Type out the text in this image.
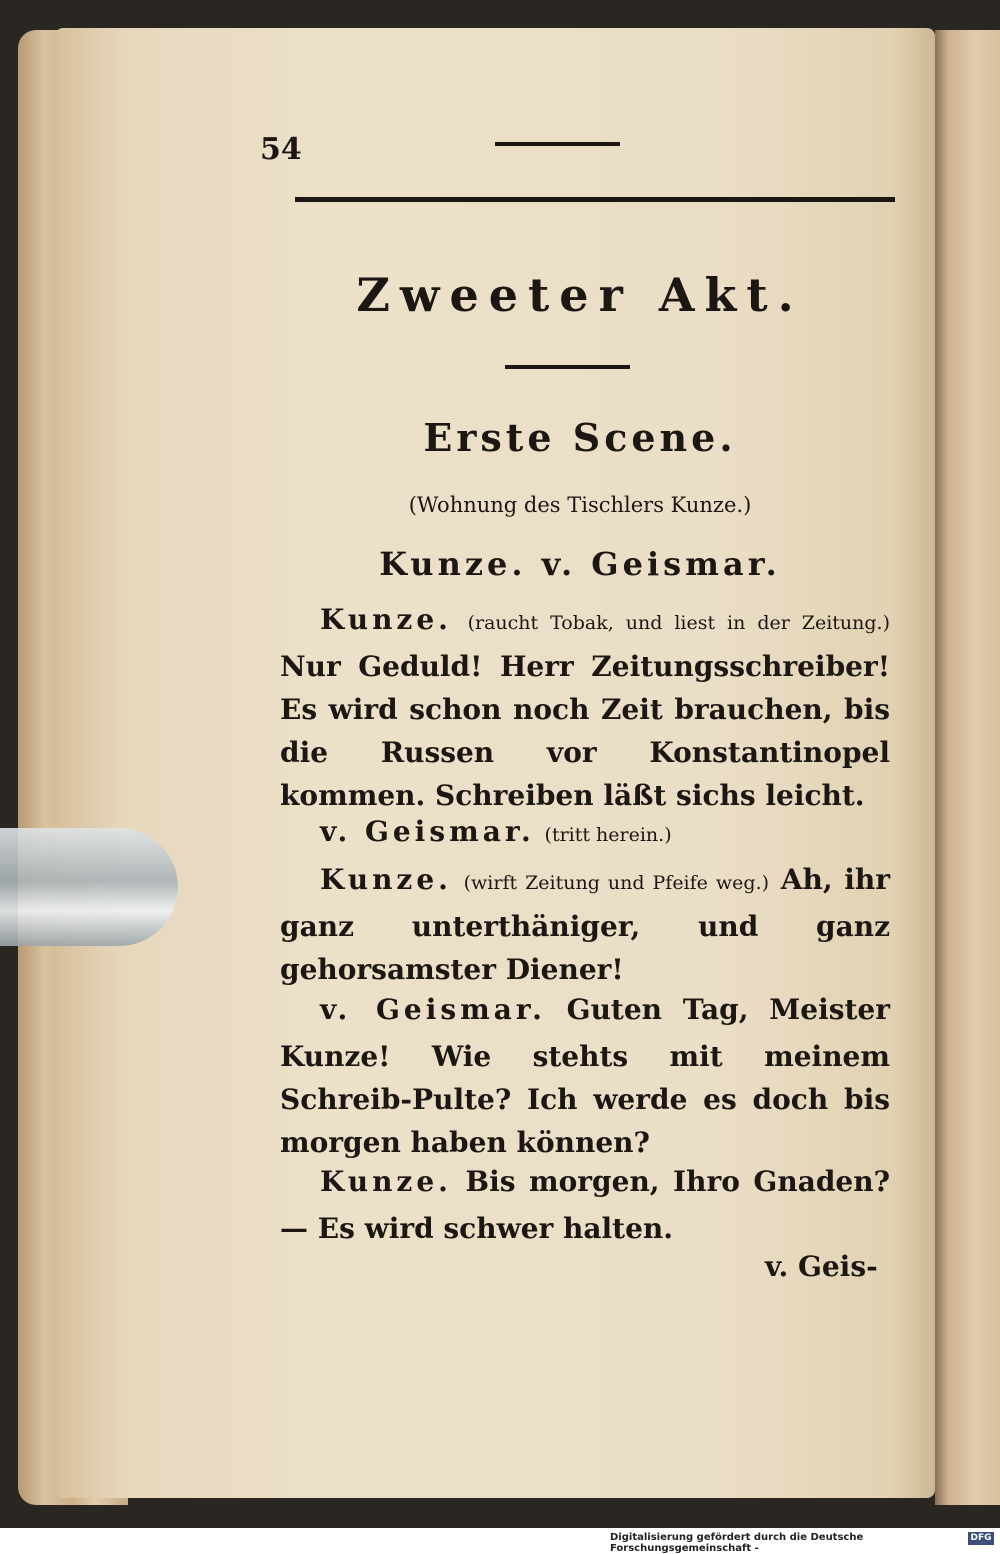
54
Zweeter Akt.
Erste Scene.
(Wohnung des Tischlers Kunze.)
Kunze. v. Geismar.
Kunze. (raucht Tobak, und liest in der Zeitung.) Nur Geduld! Herr Zeitungsschreiber! Es wird schon noch Zeit brauchen, bis die Russen vor Konstantinopel kommen. Schreiben läßt sichs leicht.
v. Geismar. (tritt herein.)
Kunze. (wirft Zeitung und Pfeife weg.) Ah, ihr ganz unterthäniger, und ganz gehorsamster Diener!
v. Geismar. Guten Tag, Meister Kunze! Wie stehts mit meinem Schreib-Pulte? Ich werde es doch bis morgen haben können?
Kunze. Bis morgen, Ihro Gnaden? — Es wird schwer halten.
v. Geis-
Digitalisierung gefördert durch die Deutsche Forschungsgemeinschaft -
DFG
